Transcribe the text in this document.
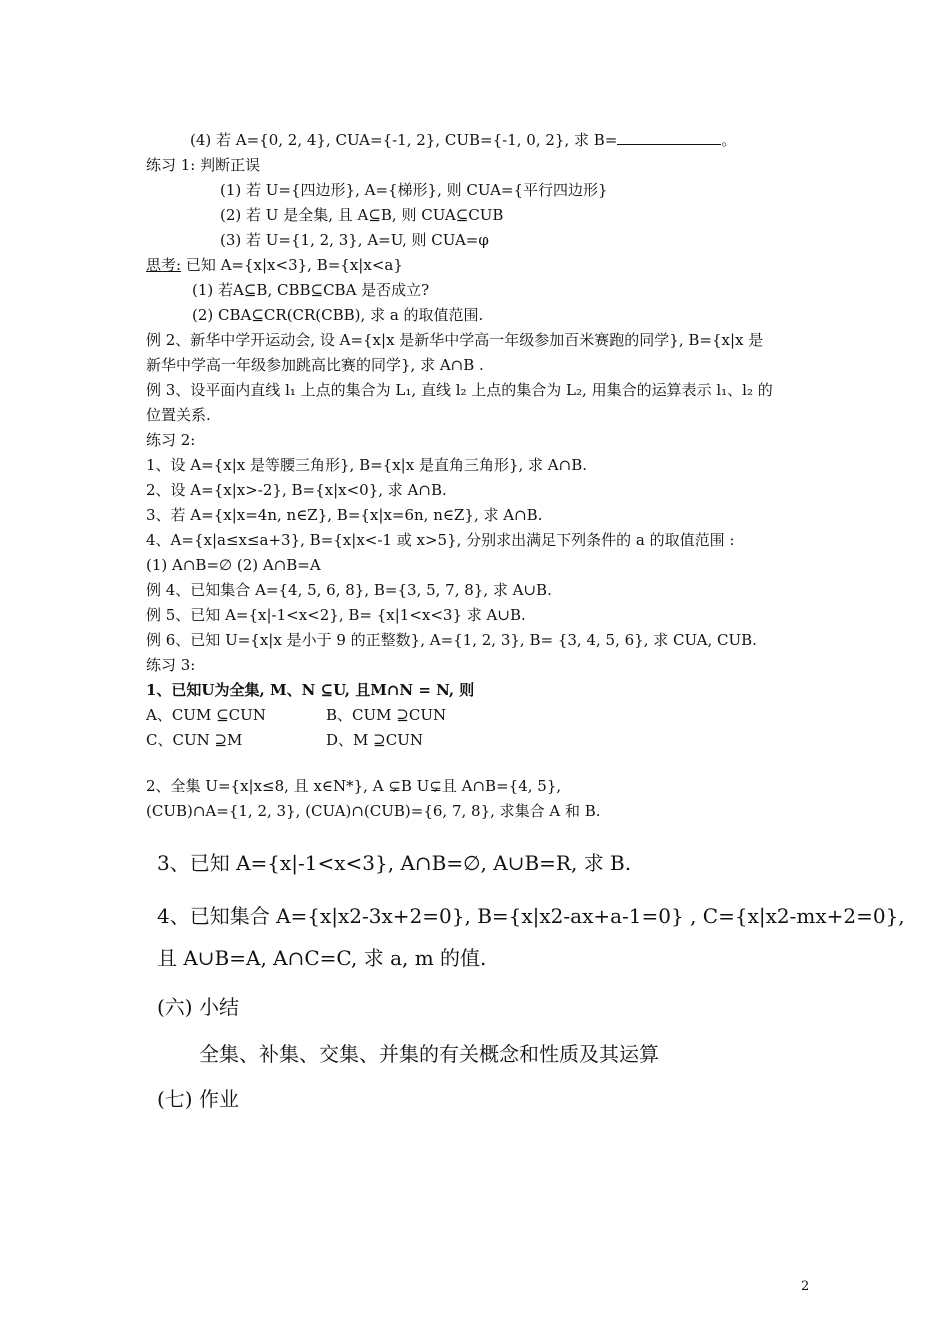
(4) 若 A={0, 2, 4}, CUA={-1, 2}, CUB={-1, 0, 2}, 求 B=	。
练习 1: 判断正误
(1) 若 U={四边形}, A={梯形}, 则 CUA={平行四边形}
(2) 若 U 是全集, 且 A⊆B, 则 CUA⊆CUB
(3) 若 U={1, 2, 3}, A=U, 则 CUA=φ
思考: 已知 A={x|x<3}, B={x|x<a}
(1) 若A⊆B, CBB⊆CBA 是否成立?
(2) CBA⊆CR(CR(CBB), 求 a 的取值范围.
例 2、新华中学开运动会, 设 A={x|x 是新华中学高一年级参加百米赛跑的同学}, B={x|x 是
新华中学高一年级参加跳高比赛的同学}, 求 A∩B .
例 3、设平面内直线 l₁ 上点的集合为 L₁, 直线 l₂ 上点的集合为 L₂, 用集合的运算表示 l₁、l₂ 的
位置关系.
练习 2:
1、设 A={x|x 是等腰三角形}, B={x|x 是直角三角形}, 求 A∩B.
2、设 A={x|x>-2}, B={x|x<0}, 求 A∩B.
3、若 A={x|x=4n, n∈Z}, B={x|x=6n, n∈Z}, 求 A∩B.
4、A={x|a≤x≤a+3}, B={x|x<-1 或 x>5}, 分别求出满足下列条件的 a 的取值范围 :
(1) A∩B=∅ (2) A∩B=A
例 4、已知集合 A={4, 5, 6, 8}, B={3, 5, 7, 8}, 求 A∪B.
例 5、已知 A={x|-1<x<2}, B= {x|1<x<3} 求 A∪B.
例 6、已知 U={x|x 是小于 9 的正整数}, A={1, 2, 3}, B= {3, 4, 5, 6}, 求 CUA, CUB.
练习 3:
1、已知U为全集, M、N ⊆U, 且M∩N = N, 则
A、CUM ⊆CUN	B、CUM ⊇CUN
C、CUN ⊇M	D、M ⊇CUN
2、全集 U={x|x≤8, 且 x∈N*}, A ⊊B U⊊且 A∩B={4, 5},
(CUB)∩A={1, 2, 3}, (CUA)∩(CUB)={6, 7, 8}, 求集合 A 和 B.
3、已知 A={x|-1<x<3}, A∩B=∅, A∪B=R, 求 B.
4、已知集合 A={x|x2-3x+2=0}, B={x|x2-ax+a-1=0} , C={x|x2-mx+2=0},
且 A∪B=A, A∩C=C, 求 a, m 的值.
(六) 小结
全集、补集、交集、并集的有关概念和性质及其运算
(七) 作业
2
